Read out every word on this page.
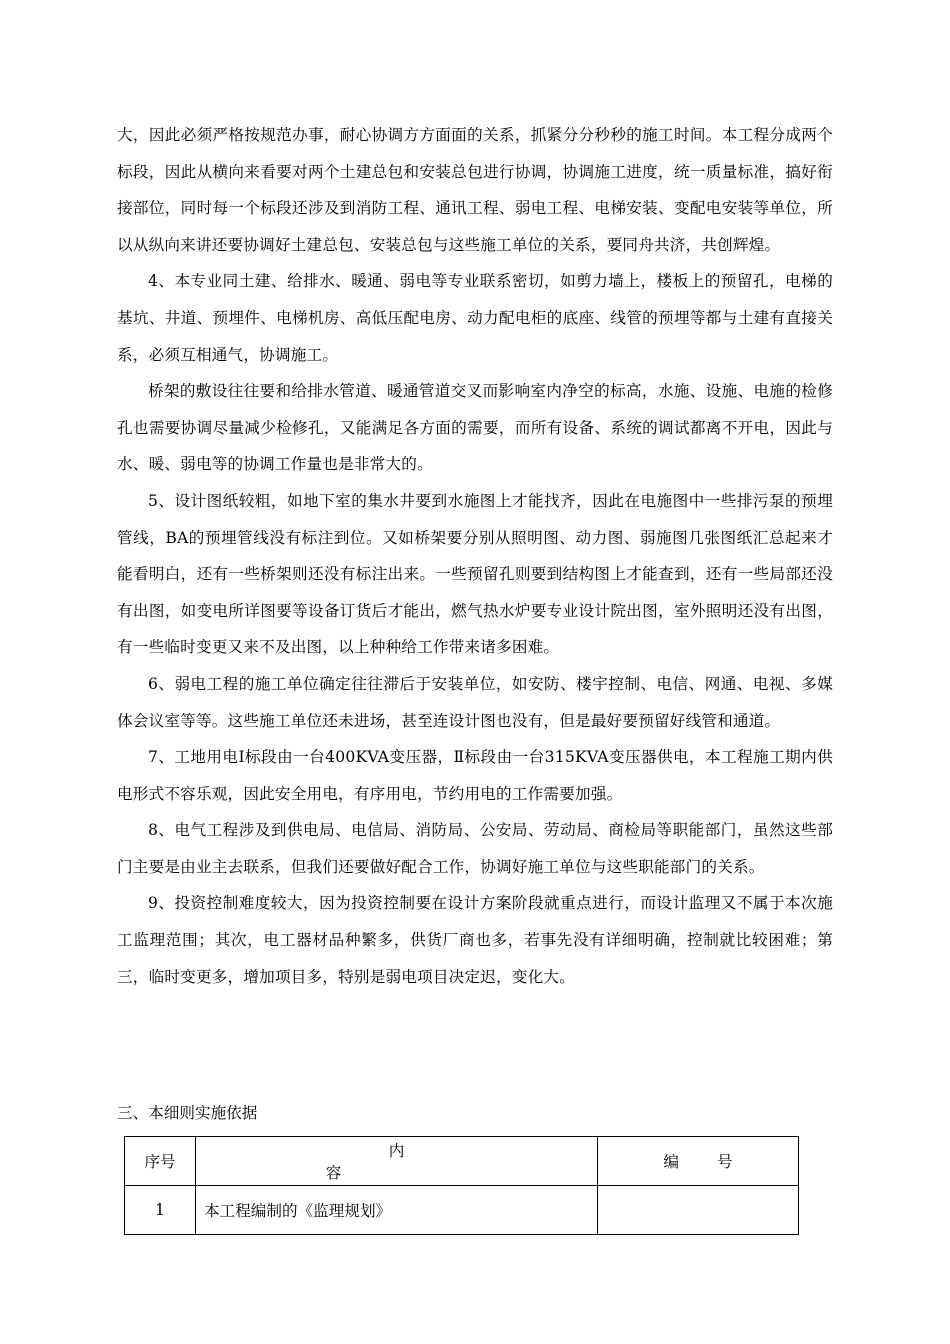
大，因此必须严格按规范办事，耐心协调方方面面的关系，抓紧分分秒秒的施工时间。本工程分成两个标段，因此从横向来看要对两个土建总包和安装总包进行协调，协调施工进度，统一质量标准，搞好衔接部位，同时每一个标段还涉及到消防工程、通讯工程、弱电工程、电梯安装、变配电安装等单位，所以从纵向来讲还要协调好土建总包、安装总包与这些施工单位的关系，要同舟共济，共创辉煌。

4、本专业同土建、给排水、暖通、弱电等专业联系密切，如剪力墙上，楼板上的预留孔，电梯的基坑、井道、预埋件、电梯机房、高低压配电房、动力配电柜的底座、线管的预埋等都与土建有直接关系，必须互相通气，协调施工。

桥架的敷设往往要和给排水管道、暖通管道交叉而影响室内净空的标高，水施、设施、电施的检修孔也需要协调尽量减少检修孔，又能满足各方面的需要，而所有设备、系统的调试都离不开电，因此与水、暖、弱电等的协调工作量也是非常大的。

5、设计图纸较粗，如地下室的集水井要到水施图上才能找齐，因此在电施图中一些排污泵的预埋管线，BA的预埋管线没有标注到位。又如桥架要分别从照明图、动力图、弱施图几张图纸汇总起来才能看明白，还有一些桥架则还没有标注出来。一些预留孔则要到结构图上才能查到，还有一些局部还没有出图，如变电所详图要等设备订货后才能出，燃气热水炉要专业设计院出图，室外照明还没有出图，有一些临时变更又来不及出图，以上种种给工作带来诸多困难。

6、弱电工程的施工单位确定往往滞后于安装单位，如安防、楼宇控制、电信、网通、电视、多媒体会议室等等。这些施工单位还未进场，甚至连设计图也没有，但是最好要预留好线管和通道。

7、工地用电Ⅰ标段由一台400KVA变压器，Ⅱ标段由一台315KVA变压器供电，本工程施工期内供电形式不容乐观，因此安全用电，有序用电，节约用电的工作需要加强。

8、电气工程涉及到供电局、电信局、消防局、公安局、劳动局、商检局等职能部门，虽然这些部门主要是由业主去联系，但我们还要做好配合工作，协调好施工单位与这些职能部门的关系。

9、投资控制难度较大，因为投资控制要在设计方案阶段就重点进行，而设计监理又不属于本次施工监理范围；其次，电工器材品种繁多，供货厂商也多，若事先没有详细明确，控制就比较困难；第三，临时变更多，增加项目多，特别是弱电项目决定迟，变化大。

三、本细则实施依据
序号	内容	编号
1	本工程编制的《监理规划》	
